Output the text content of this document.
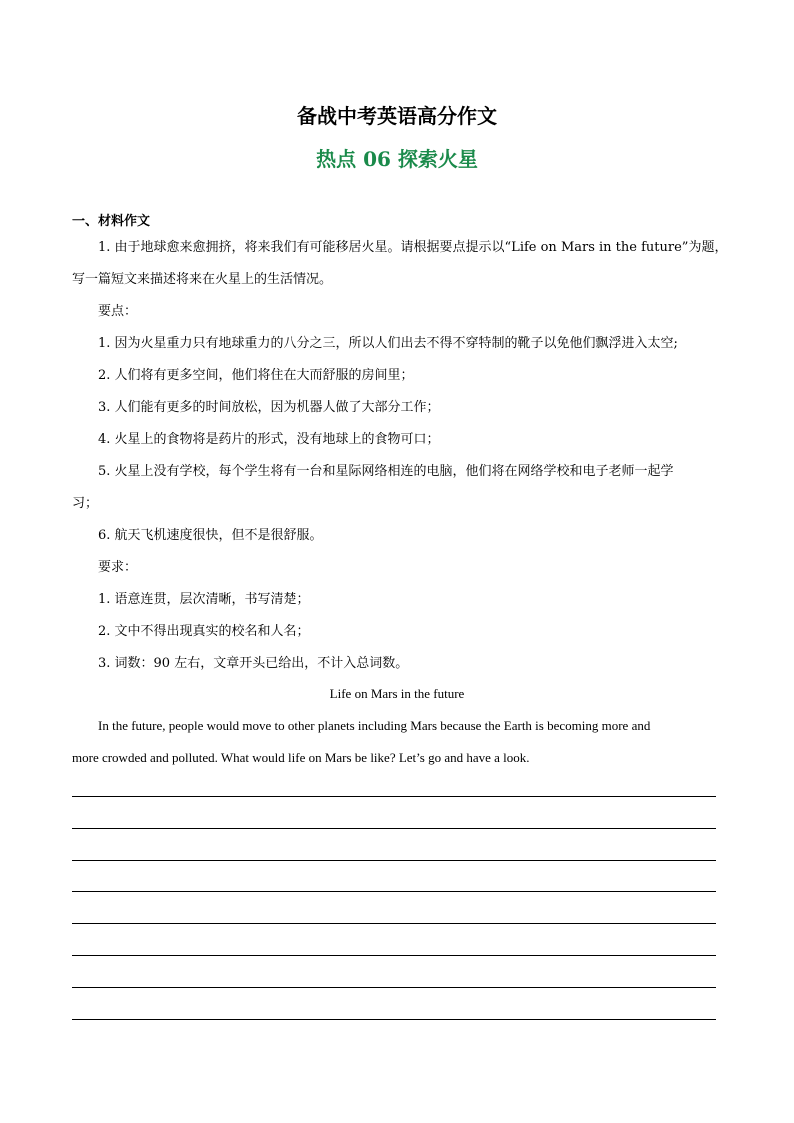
备战中考英语高分作文
热点 06 探索火星
一、材料作文
1. 由于地球愈来愈拥挤，将来我们有可能移居火星。请根据要点提示以“Life on Mars in the future”为题，
写一篇短文来描述将来在火星上的生活情况。
要点：
1. 因为火星重力只有地球重力的八分之三，所以人们出去不得不穿特制的靴子以免他们飘浮进入太空;
2. 人们将有更多空间，他们将住在大而舒服的房间里；
3. 人们能有更多的时间放松，因为机器人做了大部分工作；
4. 火星上的食物将是药片的形式，没有地球上的食物可口；
5. 火星上没有学校，每个学生将有一台和星际网络相连的电脑，他们将在网络学校和电子老师一起学
习；
6. 航天飞机速度很快，但不是很舒服。
要求：
1. 语意连贯，层次清晰，书写清楚；
2. 文中不得出现真实的校名和人名；
3. 词数：90 左右，文章开头已给出，不计入总词数。
Life on Mars in the future
In the future, people would move to other planets including Mars because the Earth is becoming more and
more crowded and polluted. What would life on Mars be like? Let’s go and have a look.
